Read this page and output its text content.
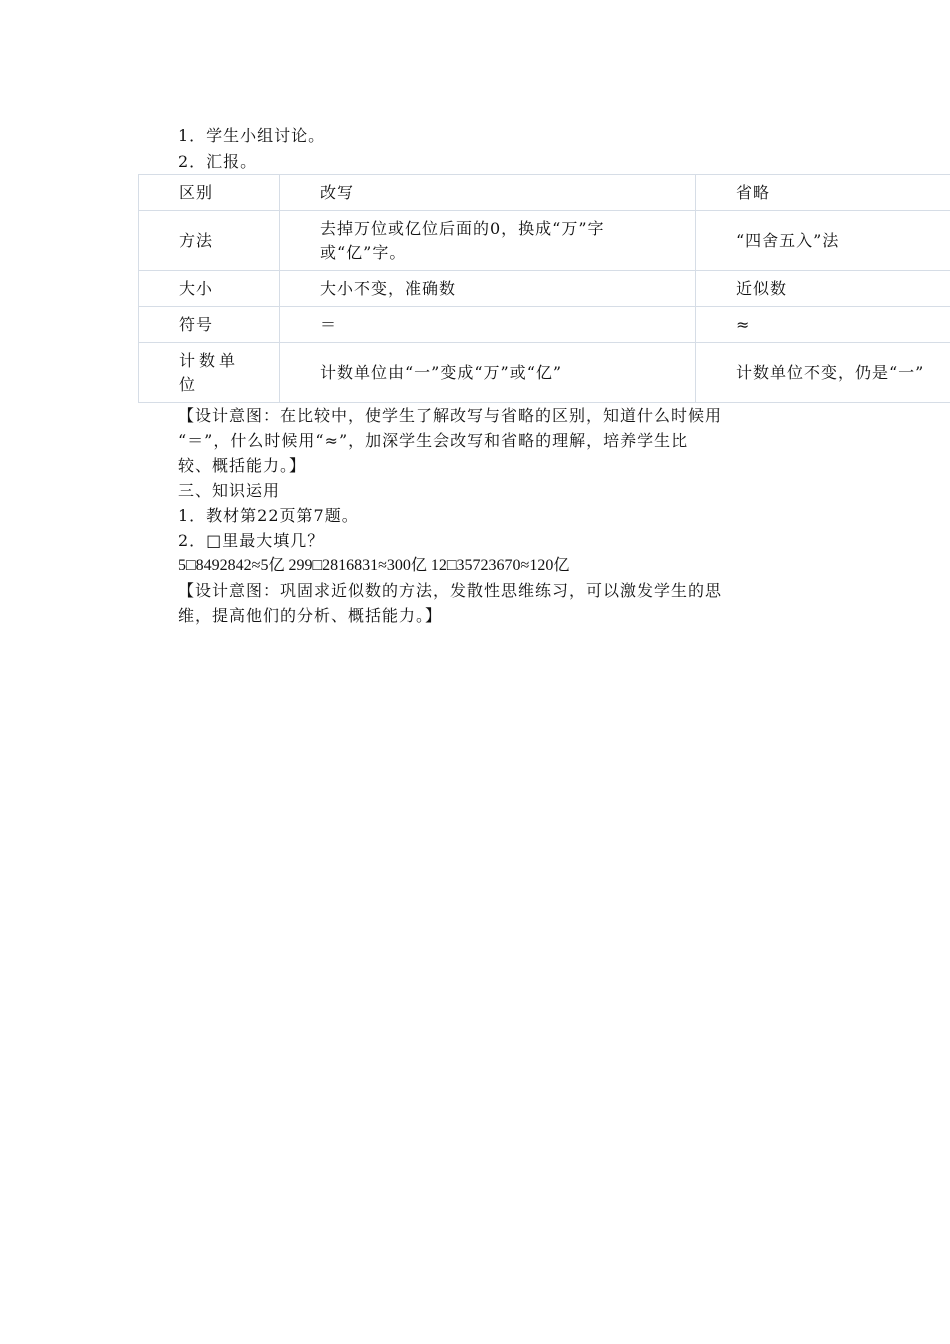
1．学生小组讨论。
2．汇报。
区别	改写	省略
方法	去掉万位或亿位后面的0，换成“万”字或“亿”字。	“四舍五入”法
大小	大小不变，准确数	近似数
符号	＝	≈
计数单位	计数单位由“一”变成“万”或“亿”	计数单位不变，仍是“一”
【设计意图：在比较中，使学生了解改写与省略的区别，知道什么时候用
“＝”，什么时候用“≈”，加深学生会改写和省略的理解，培养学生比
较、概括能力。】
三、知识运用
1．教材第22页第7题。
2．□里最大填几？
5□8492842≈5亿 299□2816831≈300亿 12□35723670≈120亿
【设计意图：巩固求近似数的方法，发散性思维练习，可以激发学生的思
维，提高他们的分析、概括能力。】
